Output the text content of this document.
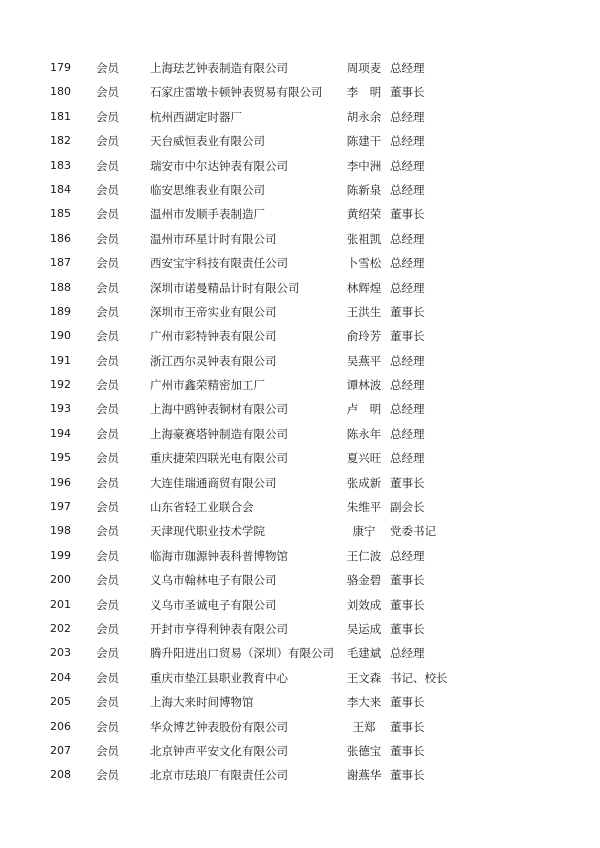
179	会员	上海珐艺钟表制造有限公司	周项麦 总经理
180	会员	石家庄雷墩卡顿钟表贸易有限公司	李　明 董事长
181	会员	杭州西湖定时器厂	胡永余 总经理
182	会员	天台威恒表业有限公司	陈建干 总经理
183	会员	瑞安市中尔达钟表有限公司	李中洲 总经理
184	会员	临安思维表业有限公司	陈新泉 总经理
185	会员	温州市发顺手表制造厂	黄绍荣 董事长
186	会员	温州市环星计时有限公司	张祖凯 总经理
187	会员	西安宝宇科技有限责任公司	卜雪松 总经理
188	会员	深圳市诺曼精品计时有限公司	林辉煌 总经理
189	会员	深圳市王帝实业有限公司	王洪生 董事长
190	会员	广州市彩特钟表有限公司	俞玲芳 董事长
191	会员	浙江西尔灵钟表有限公司	吴燕平 总经理
192	会员	广州市鑫荣精密加工厂	谭林波 总经理
193	会员	上海中鸥钟表铜材有限公司	卢　明 总经理
194	会员	上海豪赛塔钟制造有限公司	陈永年 总经理
195	会员	重庆捷荣四联光电有限公司	夏兴旺 总经理
196	会员	大连佳瑞通商贸有限公司	张成新 董事长
197	会员	山东省轻工业联合会	朱维平 副会长
198	会员	天津现代职业技术学院	康宁	党委书记
199	会员	临海市珈源钟表科普博物馆	王仁波 总经理
200	会员	义乌市翰林电子有限公司	骆金碧 董事长
201	会员	义乌市圣诚电子有限公司	刘效成 董事长
202	会员	开封市亨得利钟表有限公司	吴运成 董事长
203	会员	腾升阳进出口贸易（深圳）有限公司	毛建斌 总经理
204	会员	重庆市垫江县职业教育中心	王文森 书记、校长
205	会员	上海大来时间博物馆	李大来 董事长
206	会员	华众博艺钟表股份有限公司	王郑	董事长
207	会员	北京钟声平安文化有限公司	张德宝 董事长
208	会员	北京市珐琅厂有限责任公司	谢燕华 董事长
